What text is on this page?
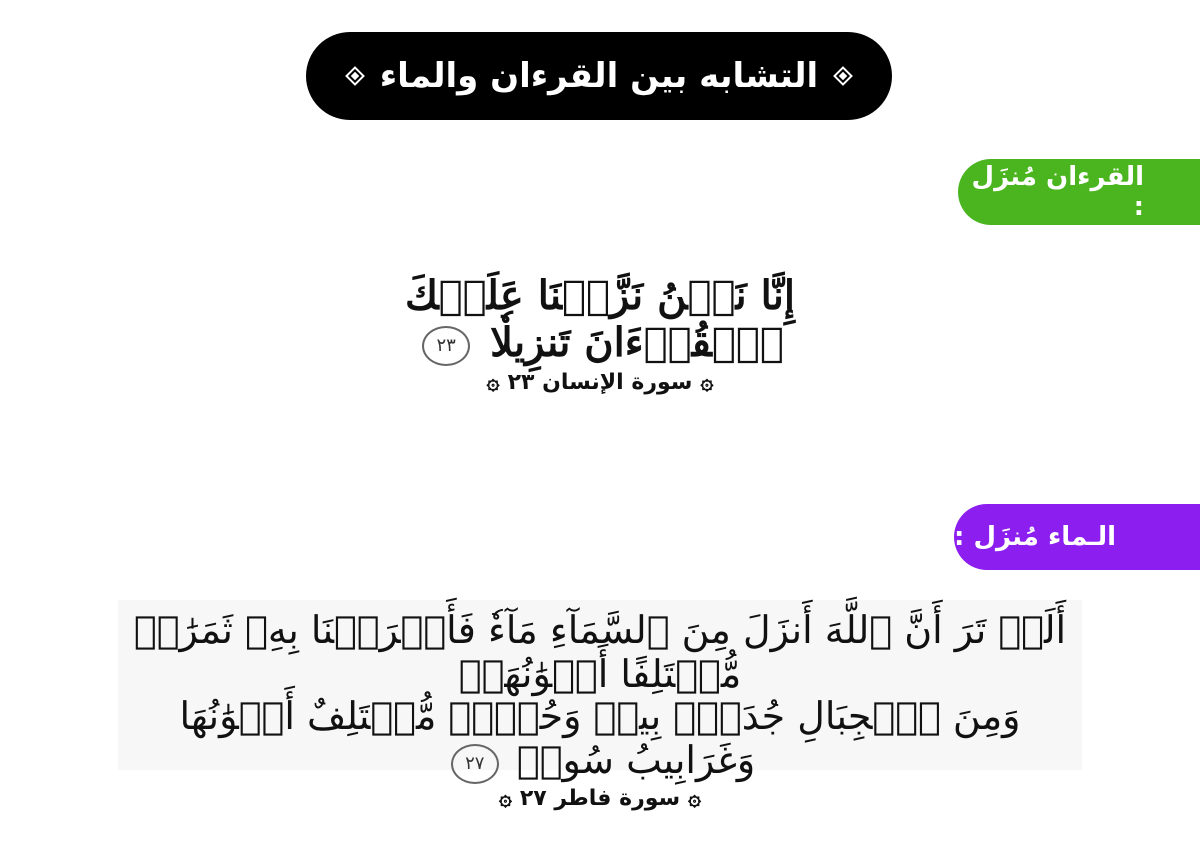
التشابه بين القرءان والماء
القرءان مُنزَل :
إِنَّا نَحۡنُ نَزَّلۡنَا عَلَيۡكَ ٱلۡقُرۡءَانَ تَنزِيلٗا ٢٣
۞
سورة الإنسان ٢٣
۞
الـماء مُنزَل :
أَلَمۡ تَرَ أَنَّ ٱللَّهَ أَنزَلَ مِنَ ٱلسَّمَآءِ مَآءٗ فَأَخۡرَجۡنَا بِهِۦ ثَمَرَٰتٖ مُّخۡتَلِفًا أَلۡوَٰنُهَاۚ
وَمِنَ ٱلۡجِبَالِ جُدَدُۢ بِيضٞ وَحُمۡرٞ مُّخۡتَلِفٌ أَلۡوَٰنُهَا وَغَرَابِيبُ سُودٞ ٢٧
۞
سورة فاطر ٢٧
۞
